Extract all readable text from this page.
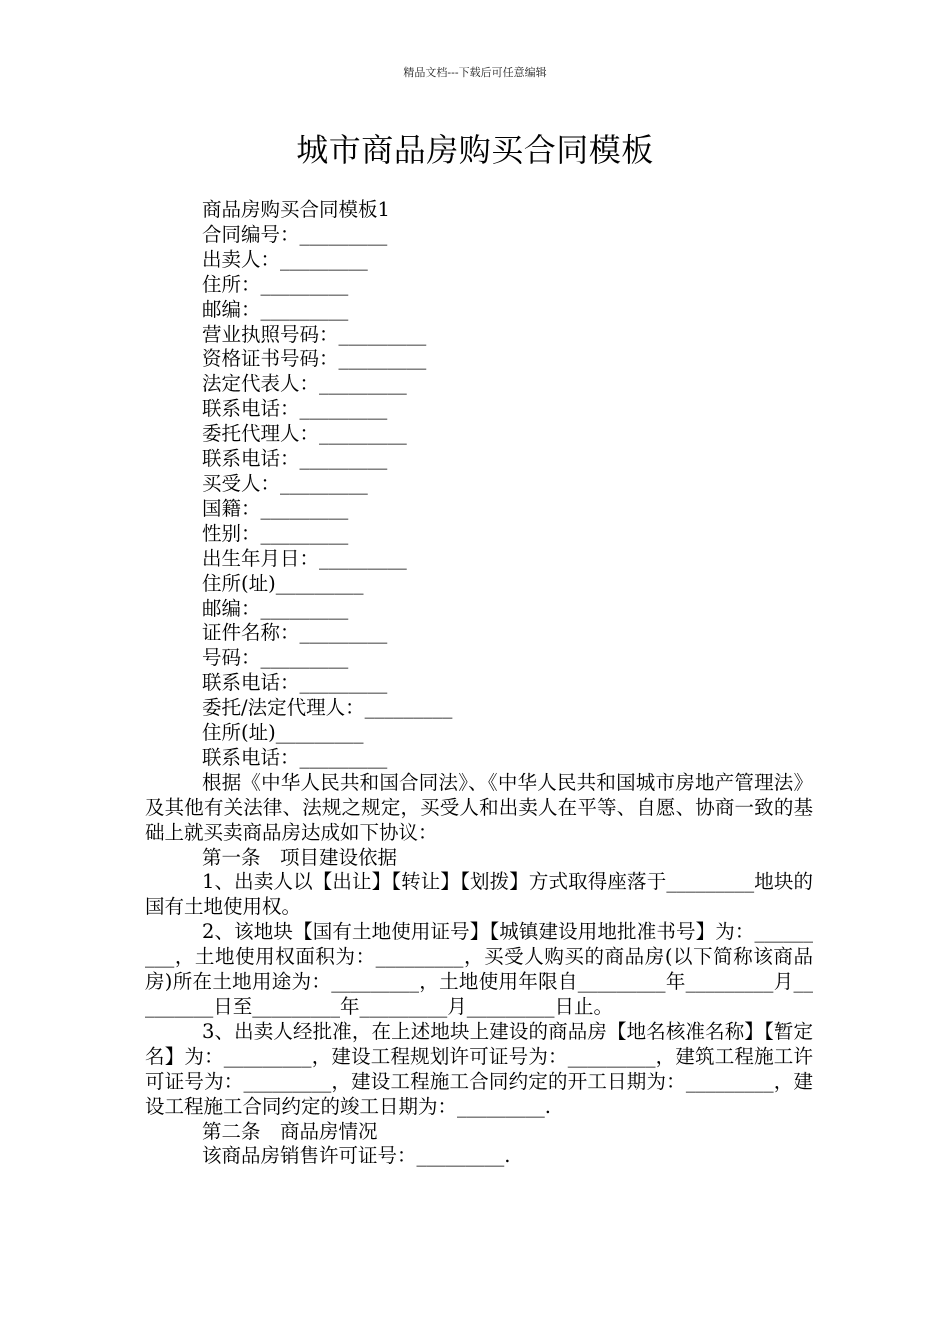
精品文档---下载后可任意编辑
城市商品房购买合同模板
商品房购买合同模板1
合同编号：_________
出卖人：_________
住所：_________
邮编：_________
营业执照号码：_________
资格证书号码：_________
法定代表人：_________
联系电话：_________
委托代理人：_________
联系电话：_________
买受人：_________
国籍：_________
性别：_________
出生年月日：_________
住所(址)_________
邮编：_________
证件名称：_________
号码：_________
联系电话：_________
委托/法定代理人：_________
住所(址)_________
联系电话：_________
根据《中华人民共和国合同法》、《中华人民共和国城市房地产管理法》及其他有关法律、法规之规定，买受人和出卖人在平等、自愿、协商一致的基础上就买卖商品房达成如下协议：
第一条　项目建设依据
1、出卖人以【出让】【转让】【划拨】方式取得座落于_________地块的国有土地使用权。
2、该地块【国有土地使用证号】【城镇建设用地批准书号】为：_________，土地使用权面积为：_________，买受人购买的商品房(以下简称该商品房)所在土地用途为：_________，土地使用年限自_________年_________月_________日至_________年_________月_________日止。
3、出卖人经批准，在上述地块上建设的商品房【地名核准名称】【暂定名】为：_________，建设工程规划许可证号为：_________，建筑工程施工许可证号为：_________，建设工程施工合同约定的开工日期为：_________，建设工程施工合同约定的竣工日期为：_________.
第二条　商品房情况
该商品房销售许可证号：_________.
